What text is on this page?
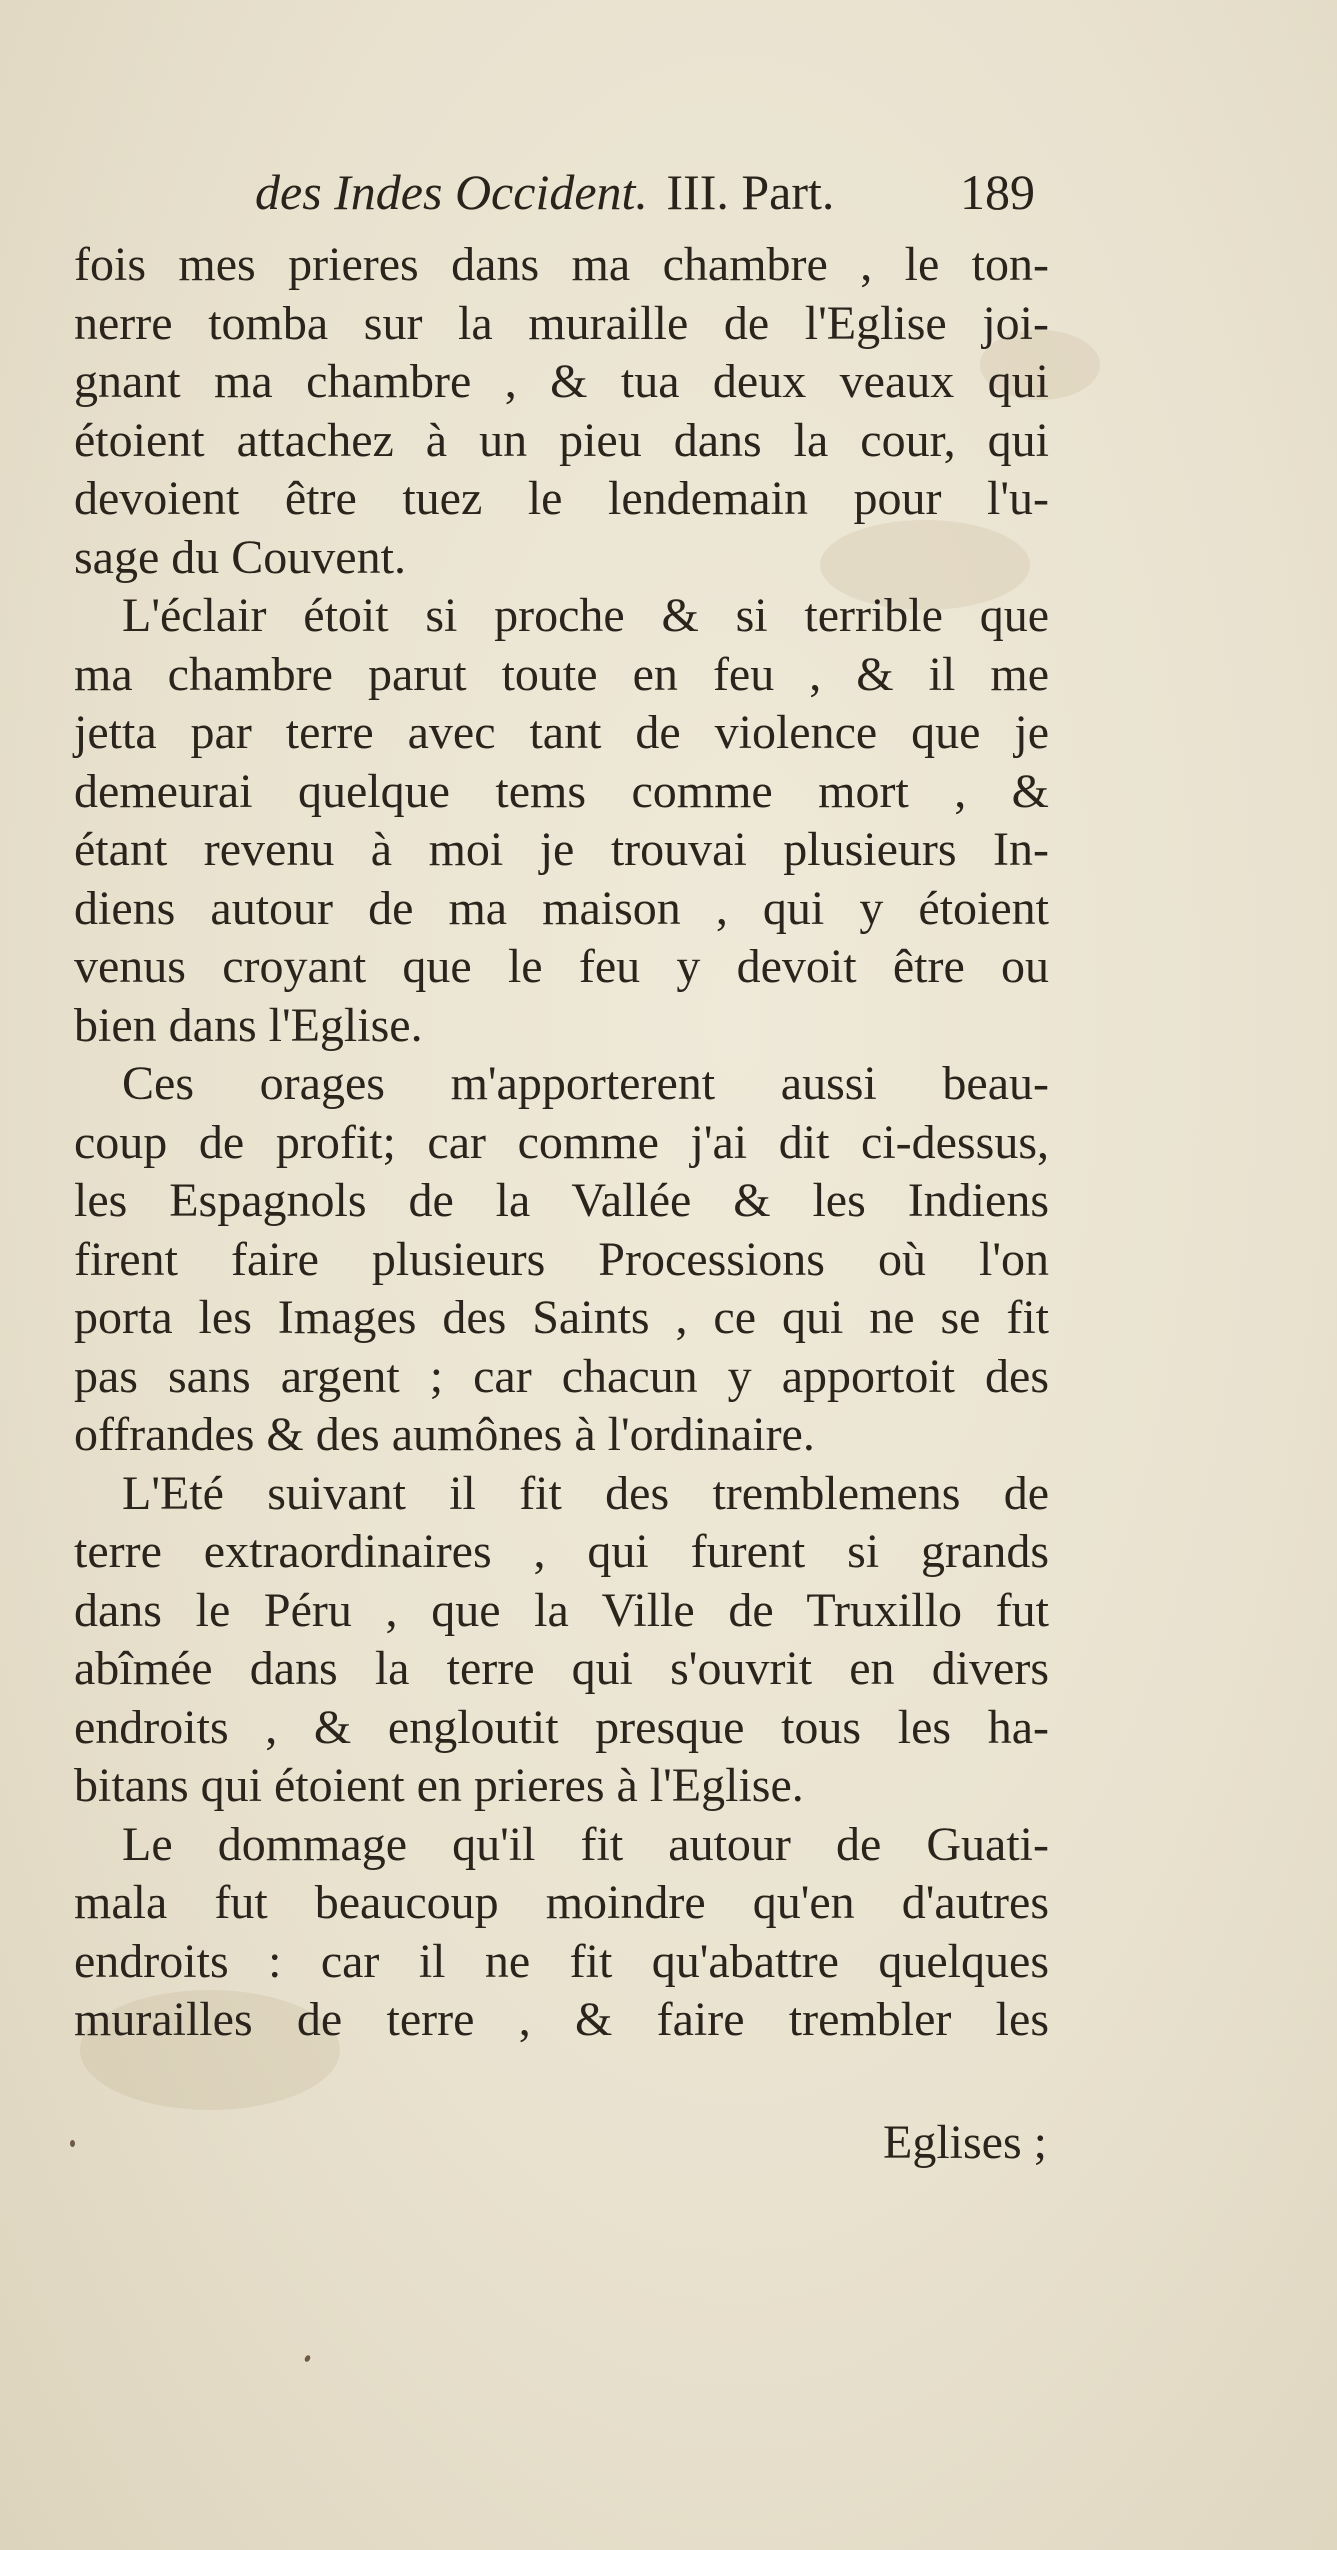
des Indes Occident. III. Part.	189
fois mes prieres dans ma chambre , le ton-
nerre tomba sur la muraille de l'Eglise joi-
gnant ma chambre , & tua deux veaux qui
étoient attachez à un pieu dans la cour, qui
devoient être tuez le lendemain pour l'u-
sage du Couvent.
L'éclair étoit si proche & si terrible que
ma chambre parut toute en feu , & il me
jetta par terre avec tant de violence que je
demeurai quelque tems comme mort , &
étant revenu à moi je trouvai plusieurs In-
diens autour de ma maison , qui y étoient
venus croyant que le feu y devoit être ou
bien dans l'Eglise.
Ces orages m'apporterent aussi beau-
coup de profit; car comme j'ai dit ci-dessus,
les Espagnols de la Vallée & les Indiens
firent faire plusieurs Processions où l'on
porta les Images des Saints , ce qui ne se fit
pas sans argent ; car chacun y apportoit des
offrandes & des aumônes à l'ordinaire.
L'Eté suivant il fit des tremblemens de
terre extraordinaires , qui furent si grands
dans le Péru , que la Ville de Truxillo fut
abîmée dans la terre qui s'ouvrit en divers
endroits , & engloutit presque tous les ha-
bitans qui étoient en prieres à l'Eglise.
Le dommage qu'il fit autour de Guati-
mala fut beaucoup moindre qu'en d'autres
endroits : car il ne fit qu'abattre quelques
murailles de terre , & faire trembler les
Eglises ;
